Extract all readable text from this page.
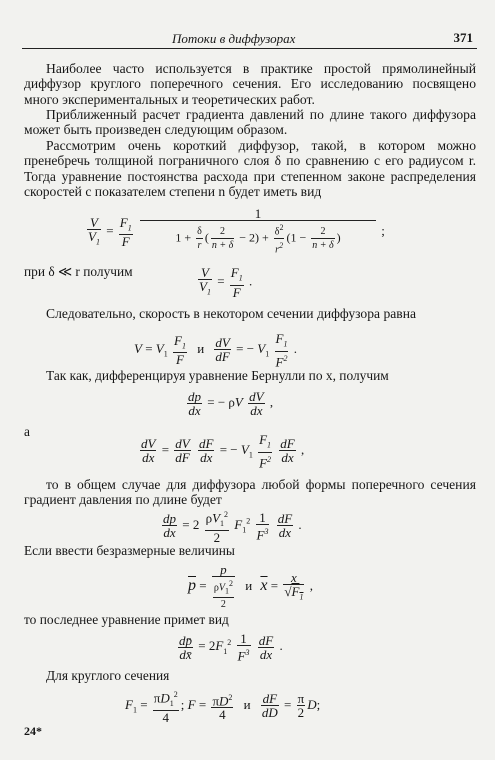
Потоки в диффузорах	371
Наиболее часто используется в практике простой прямолинейный диффузор круглого поперечного сечения. Его исследованию посвящено много экспериментальных и теоретических работ.
Приближенный расчет градиента давлений по длине такого диффузора может быть произведен следующим образом.
Рассмотрим очень короткий диффузор, такой, в котором можно пренебречь толщиной пограничного слоя δ по сравнению с его радиусом r. Тогда уравнение постоянства расхода при степенном законе распределения скоростей с показателем степени n будет иметь вид
$\frac{V}{V_1} = \frac{F_1}{F}$
$\frac{1}{1 + \frac{\delta}{r} ( \frac{2}{n + \delta} - 2) + \frac{\delta^2}{r^2} (1 - \frac{2}{n + \delta} )}$ ;
при δ ≪ r получим	$\frac{V}{V_1} = \frac{F_1}{F}$ .
Следовательно, скорость в некотором сечении диффузора равна
$V = V_1 \frac{F_1}{F}$ и $\frac{dV}{dF}$ = − $V_1 \frac{F_1}{F^2}$ .
Так как, дифференцируя уравнение Бернулли по x, получим
$\frac{dp}{dx}$ = − ρV $\frac{dV}{dx}$ ,
а
$\frac{dV}{dx} = \frac{dV}{dF}$
$\frac{dF}{dx}$ = − $V_1 \frac{F_1}{F^2}$
$\frac{dF}{dx}$ ,
то в общем случае для диффузора любой формы поперечного сечения градиент давления по длине будет
$\frac{dp}{dx} = 2 \frac{\rho V_1^2}{2} F_1^2 \frac{1}{F^3}$
$\frac{dF}{dx}$ .
Если ввести безразмерные величины
$\overline{p} = \frac{p}{\frac{\rho V_1^2}{2}}$ и $\overline{x} = \frac{x}{√F_1}$ ,
то последнее уравнение примет вид
$\frac{dp̄}{dx̄} = 2F_1^2 \frac{1}{F^3}$
$\frac{dF}{dx}$ .
Для круглого сечения
$F_1 = \frac{\pi D_1^2}{4}$ ; $F = \frac{\pi D^2}{4}$ и $\frac{dF}{dD} = \frac{\pi}{2} D$;
24*
